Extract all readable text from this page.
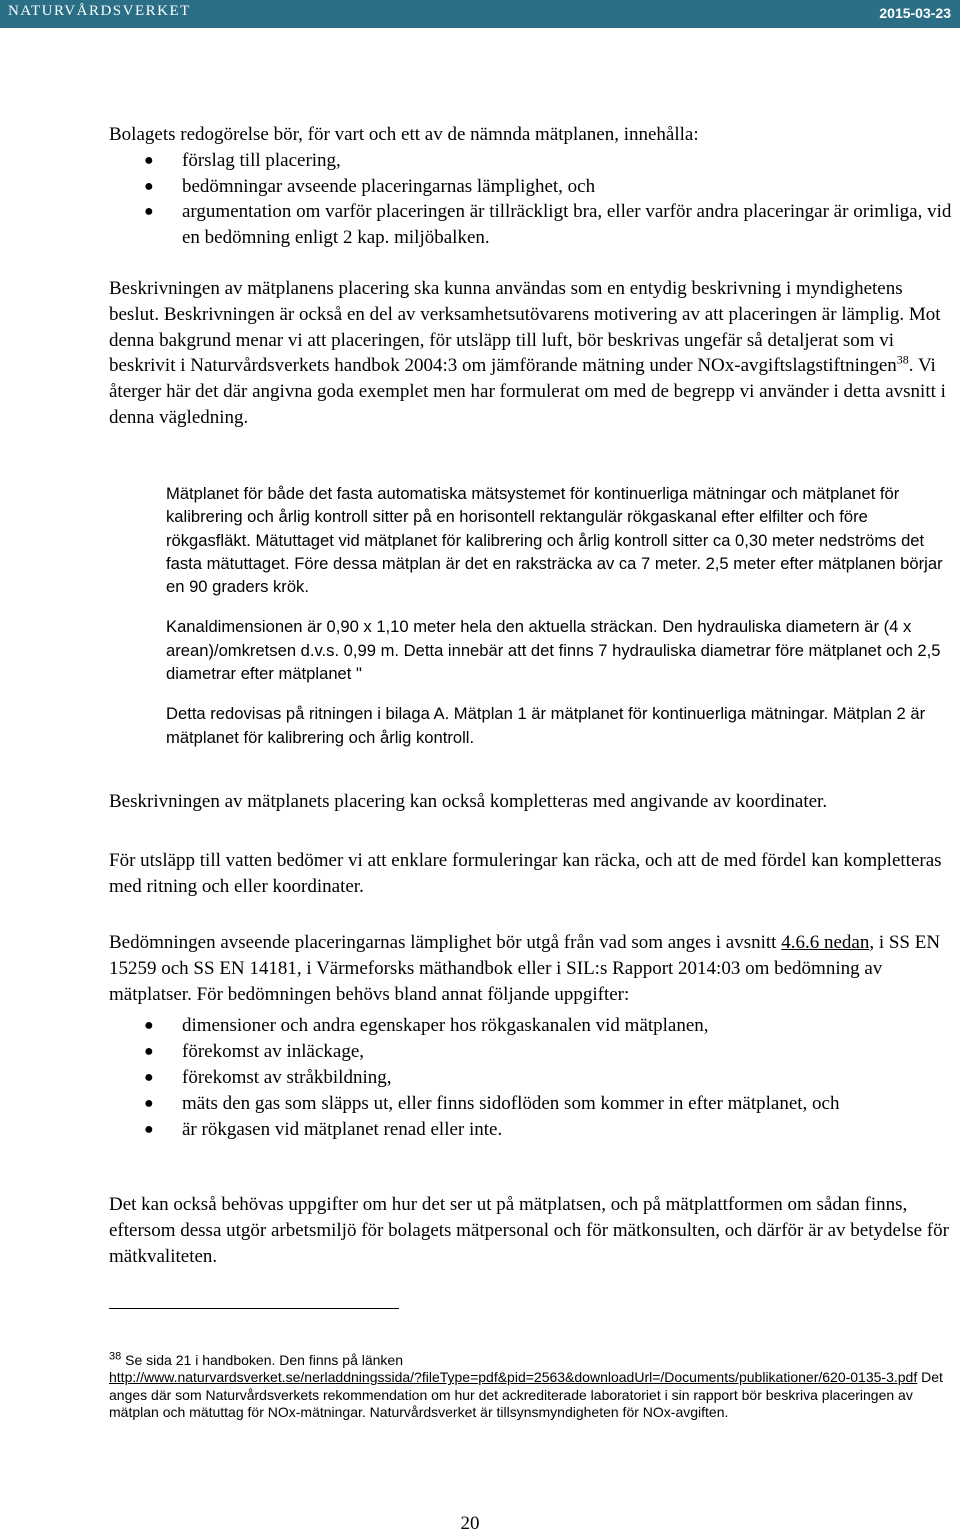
NATURVÅRDSVERKET	2015-03-23

Bolagets redogörelse bör, för vart och ett av de nämnda mätplanen, innehålla:

● förslag till placering,
● bedömningar avseende placeringarnas lämplighet, och
● argumentation om varför placeringen är tillräckligt bra, eller varför andra placeringar är orimliga, vid en bedömning enligt 2 kap. miljöbalken.

Beskrivningen av mätplanens placering ska kunna användas som en entydig beskrivning i myndighetens beslut. Beskrivningen är också en del av verksamhetsutövarens motivering av att placeringen är lämplig. Mot denna bakgrund menar vi att placeringen, för utsläpp till luft, bör beskrivas ungefär så detaljerat som vi beskrivit i Naturvårdsverkets handbok 2004:3 om jämförande mätning under NOx-avgiftslagstiftningen$^{38}$. Vi återger här det där angivna goda exemplet men har formulerat om med de begrepp vi använder i detta avsnitt i denna vägledning.

Mätplanet för både det fasta automatiska mätsystemet för kontinuerliga mätningar och mätplanet för kalibrering och årlig kontroll sitter på en horisontell rektangulär rökgaskanal efter elfilter och före rökgasfläkt. Mätuttaget vid mätplanet för kalibrering och årlig kontroll sitter ca 0,30 meter nedströms det fasta mätuttaget. Före dessa mätplan är det en raksträcka av ca 7 meter. 2,5 meter efter mätplanen börjar en 90 graders krök.

Kanaldimensionen är 0,90 x 1,10 meter hela den aktuella sträckan. Den hydrauliska diametern är (4 x arean)/omkretsen d.v.s. 0,99 m. Detta innebär att det finns 7 hydrauliska diametrar före mätplanet och 2,5 diametrar efter mätplanet "

Detta redovisas på ritningen i bilaga A. Mätplan 1 är mätplanet för kontinuerliga mätningar. Mätplan 2 är mätplanet för kalibrering och årlig kontroll.

Beskrivningen av mätplanets placering kan också kompletteras med angivande av koordinater.

För utsläpp till vatten bedömer vi att enklare formuleringar kan räcka, och att de med fördel kan kompletteras med ritning och eller koordinater.

Bedömningen avseende placeringarnas lämplighet bör utgå från vad som anges i avsnitt 4.6.6 nedan, i SS EN 15259 och SS EN 14181, i Värmeforsks mäthandbok eller i SIL:s Rapport 2014:03 om bedömning av mätplatser. För bedömningen behövs bland annat följande uppgifter:

● dimensioner och andra egenskaper hos rökgaskanalen vid mätplanen,
● förekomst av inläckage,
● förekomst av stråkbildning,
● mäts den gas som släpps ut, eller finns sidoflöden som kommer in efter mätplanet, och
● är rökgasen vid mätplanet renad eller inte.

Det kan också behövas uppgifter om hur det ser ut på mätplatsen, och på mätplattformen om sådan finns, eftersom dessa utgör arbetsmiljö för bolagets mätpersonal och för mätkonsulten, och därför är av betydelse för mätkvaliteten.

$^{38}$ Se sida 21 i handboken. Den finns på länken
http://www.naturvardsverket.se/nerladdningssida/?fileType=pdf&pid=2563&downloadUrl=/Documents/publikationer/620-0135-3.pdf Det anges där som Naturvårdsverkets rekommendation om hur det ackrediterade laboratoriet i sin rapport bör beskriva placeringen av mätplan och mätuttag för NOx-mätningar. Naturvårdsverket är tillsynsmyndigheten för NOx-avgiften.
20
